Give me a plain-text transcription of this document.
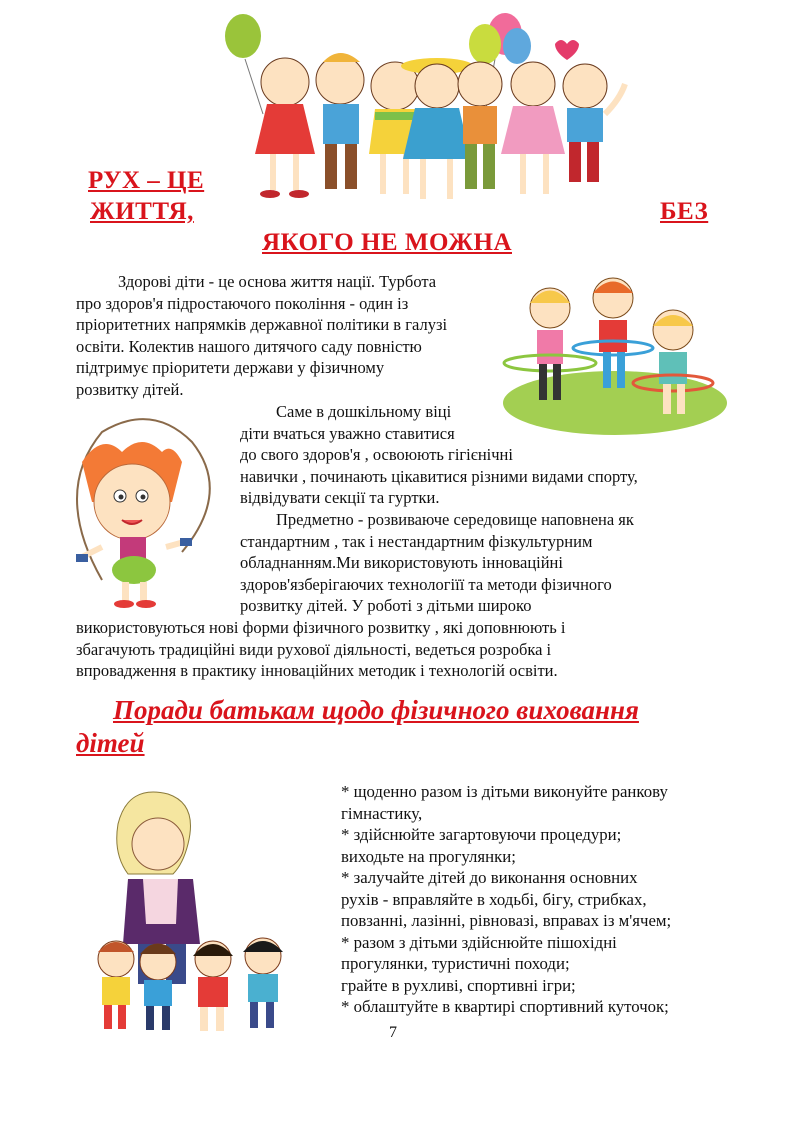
РУХ – ЦЕ
ЖИТТЯ,	БЕЗ
ЯКОГО НЕ МОЖНА
Здорові діти - це основа життя нації. Турбота
про здоров'я підростаючого покоління - один із
пріоритетних напрямків державної політики в галузі
освіти. Колектив нашого дитячого саду повністю
підтримує пріоритети держави у фізичному
розвитку дітей.
Саме в дошкільному віці
діти вчаться уважно ставитися
до свого здоров'я , освоюють гігієнічні
навички , починають цікавитися різними видами спорту,
відвідувати секції та гуртки.
Предметно - розвиваюче середовище наповнена як
стандартним , так і нестандартним фізкультурним
обладнанням.Ми використовують інноваційні
здоров'язберігаючих технологіїї та методи фізичного
розвитку дітей. У роботі з дітьми широко
використовуються нові форми фізичного розвитку , які доповнюють і
збагачують традиційні види рухової діяльності, ведеться розробка і
впровадження в практику інноваційних методик і технологій освіти.
Поради батькам щодо фізичного виховання
дітей
* щоденно разом із дітьми виконуйте ранкову
гімнастику,
* здійснюйте загартовуючи процедури;
виходьте на прогулянки;
* залучайте дітей до виконання основних
рухів - вправляйте в ходьбі, бігу, стрибках,
повзанні, лазінні, рівновазі, вправах із м'ячем;
* разом з дітьми здійснюйте пішохідні
прогулянки, туристичні походи;
грайте в рухливі, спортивні ігри;
* облаштуйте в квартирі спортивний куточок;
7
